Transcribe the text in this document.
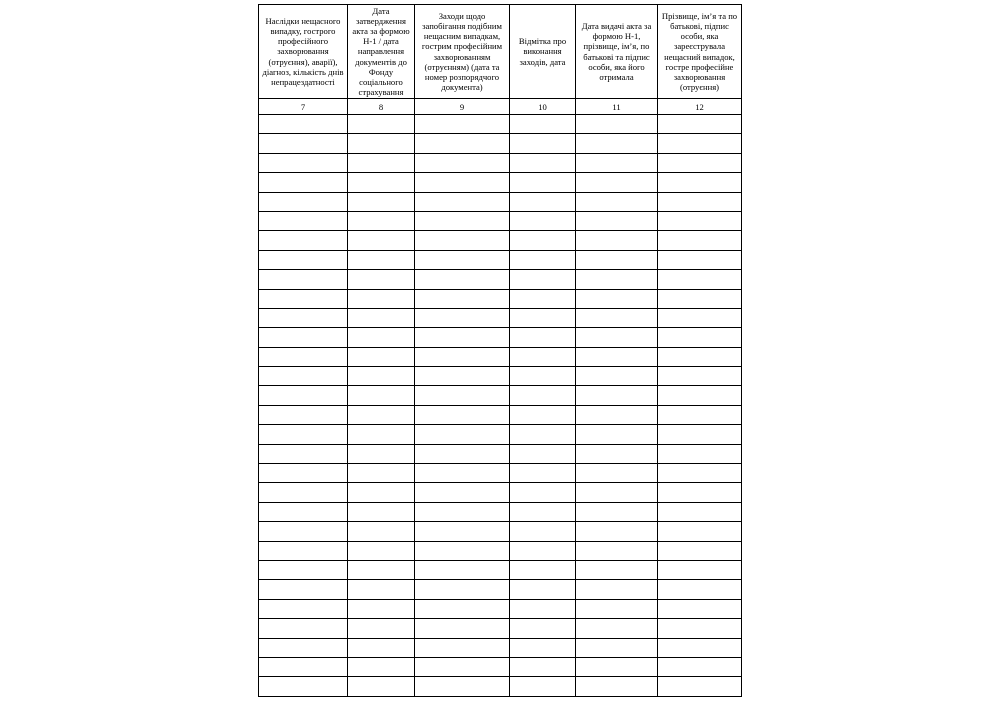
Наслідки нещасного випадку, гострого професійного захворювання (отруєння), аварії), діагноз, кількість днів непрацездатності	Дата затвердження акта за формою Н-1 / дата направлення документів до Фонду соціального страхування	Заходи щодо запобігання подібним нещасним випадкам, гострим професійним захворюванням (отруєнням) (дата та номер розпорядчого документа)	Відмітка про виконання заходів, дата	Дата видачі акта за формою Н-1, прізвище, ім’я, по батькові та підпис особи, яка його отримала	Прізвище, ім’я та по батькові, підпис особи, яка зареєструвала нещасний випадок, гостре професійне захворювання (отруєння)
7	8	9	10	11	12
